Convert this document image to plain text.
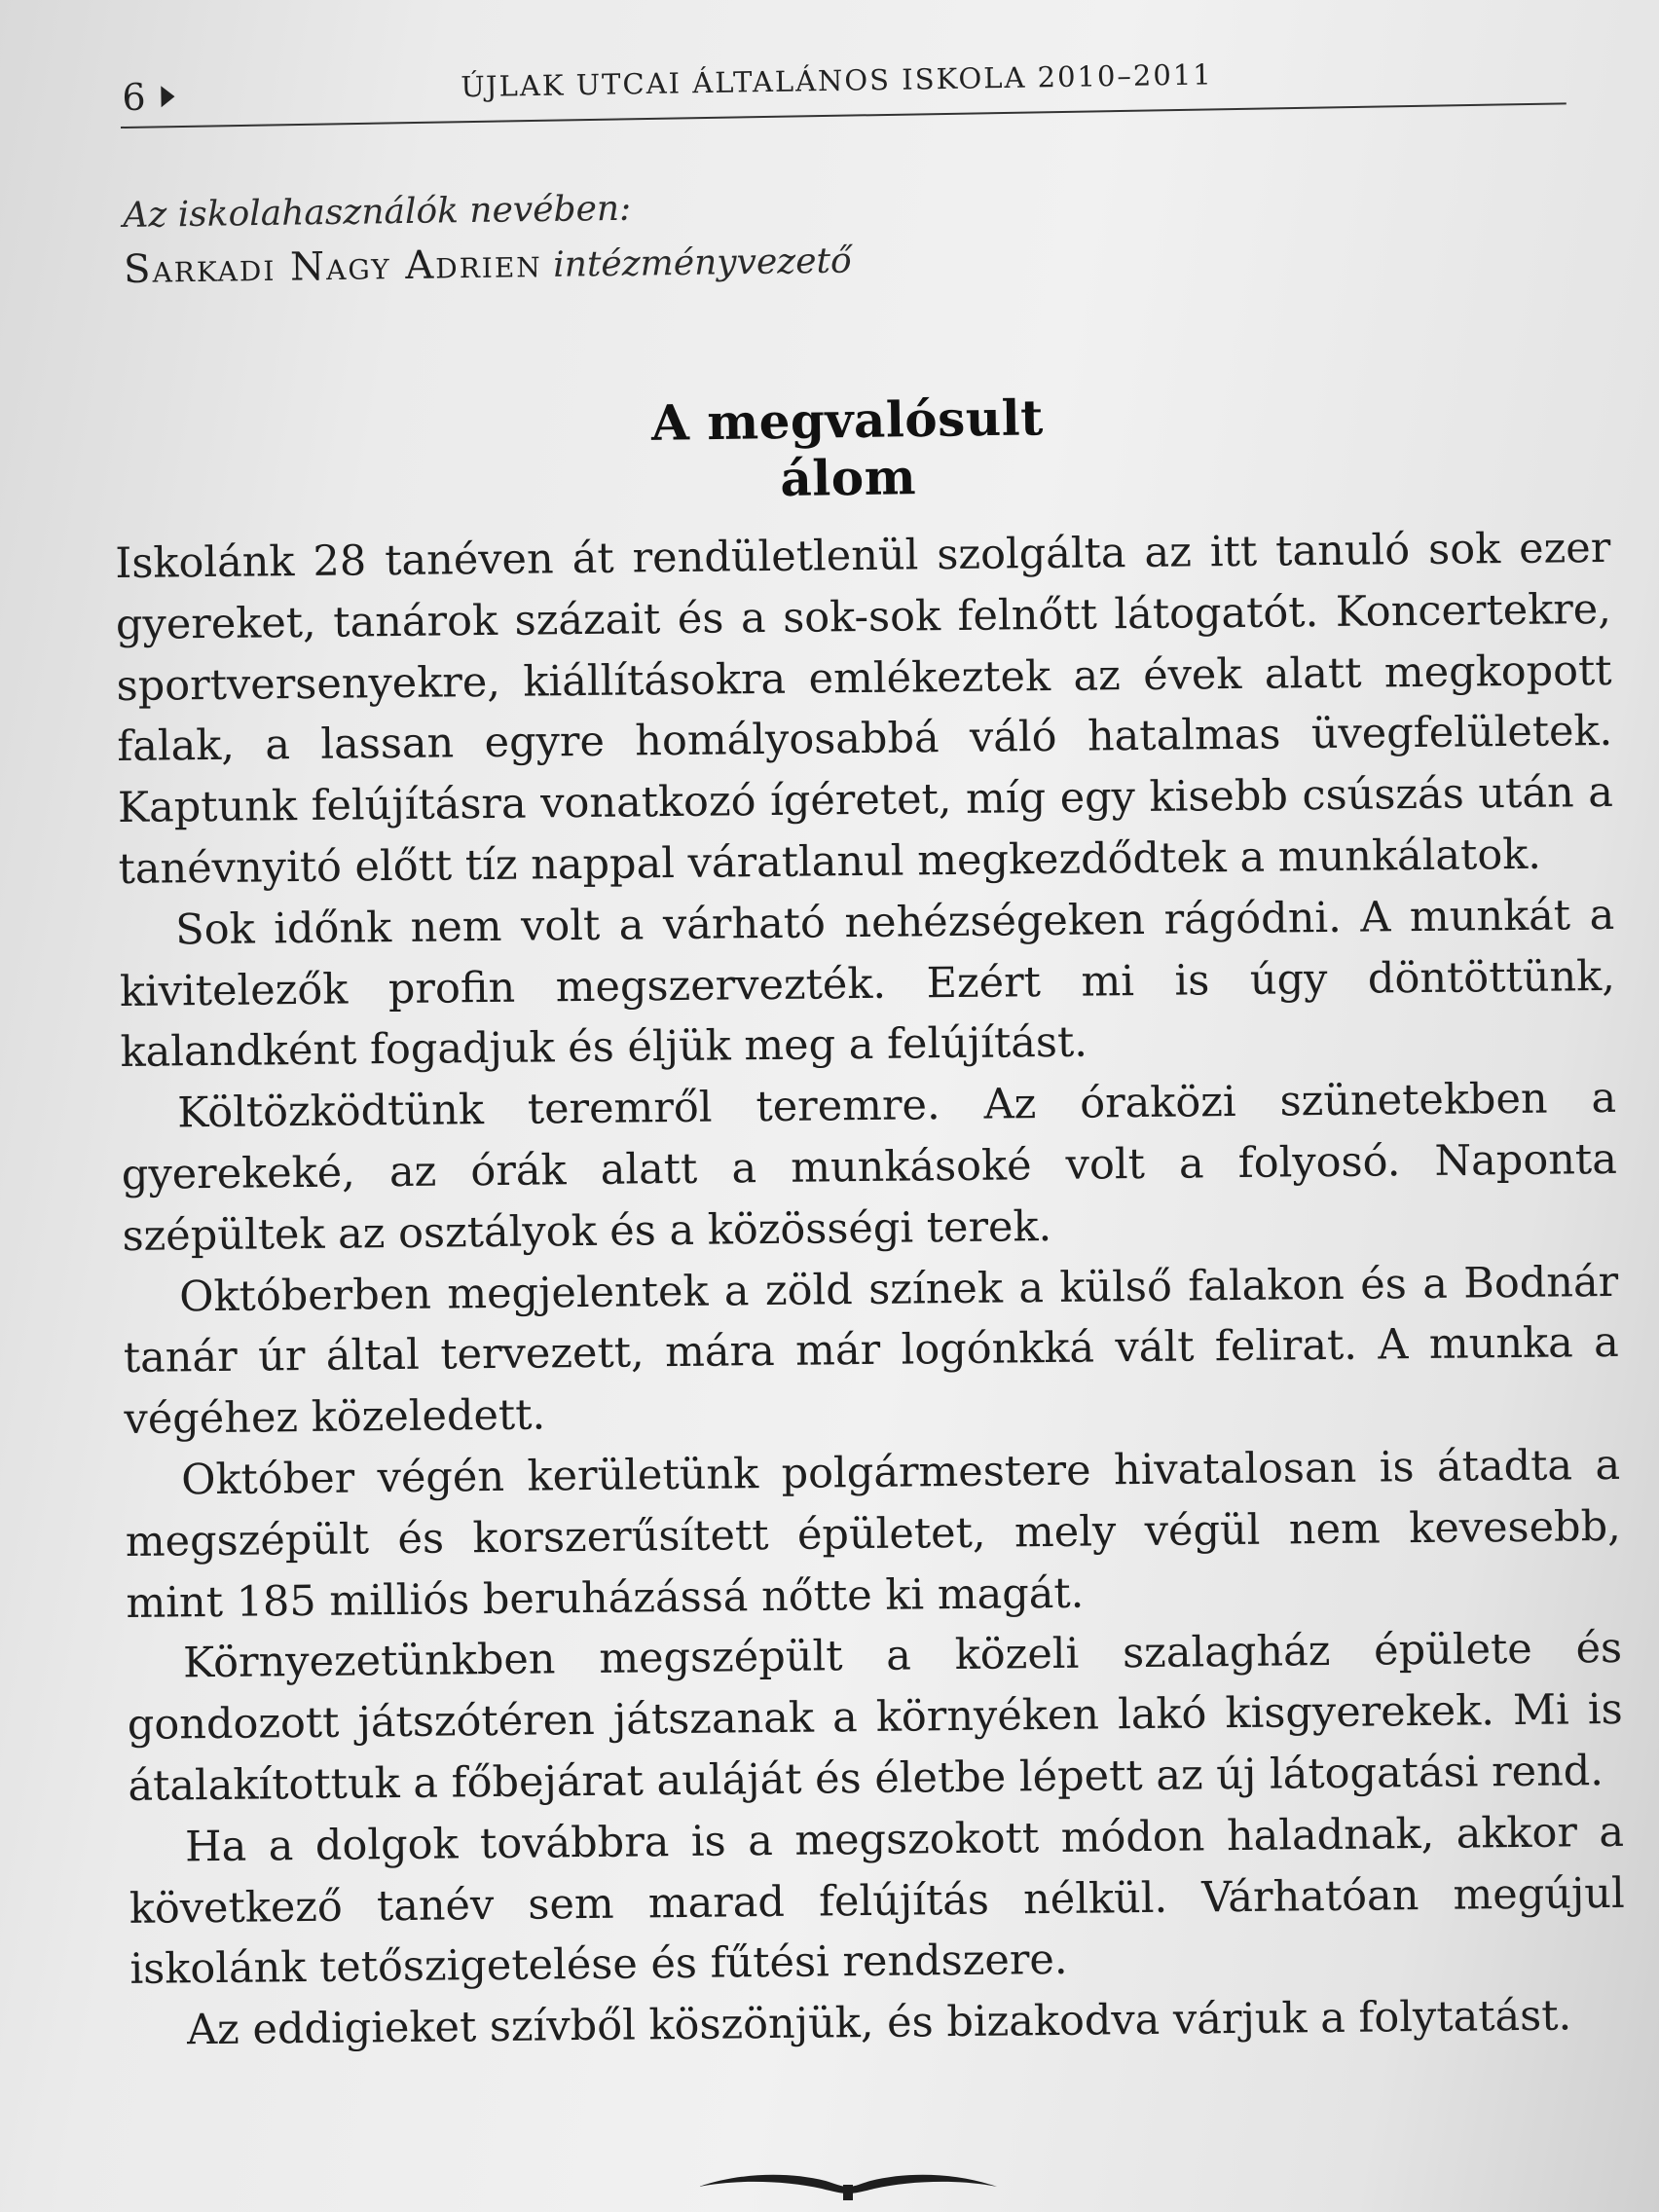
6	ÚJLAK UTCAI ÁLTALÁNOS ISKOLA 2010–2011
Az iskolahasználók nevében:
Sarkadi Nagy Adrien intézményvezető
A megvalósult álom

Iskolánk 28 tanéven át rendületlenül szolgálta az itt tanuló sok ezer gyereket, tanárok százait és a sok-sok felnőtt látogatót. Koncertekre, sportversenyekre, kiállításokra emlékeztek az évek alatt megkopott falak, a lassan egyre homályosabbá váló hatalmas üvegfelületek. Kaptunk felújításra vonatkozó ígéretet, míg egy kisebb csúszás után a tanévnyitó előtt tíz nappal váratlanul megkezdődtek a munkálatok.

Sok időnk nem volt a várható nehézségeken rágódni. A munkát a kivitelezők profin megszervezték. Ezért mi is úgy döntöttünk, kalandként fogadjuk és éljük meg a felújítást.

Költözködtünk teremről teremre. Az óraközi szünetekben a gyerekeké, az órák alatt a munkásoké volt a folyosó. Naponta szépültek az osztályok és a közösségi terek.

Októberben megjelentek a zöld színek a külső falakon és a Bodnár tanár úr által tervezett, mára már logónkká vált felirat. A munka a végéhez közeledett.

Október végén kerületünk polgármestere hivatalosan is átadta a megszépült és korszerűsített épületet, mely végül nem kevesebb, mint 185 milliós beruházássá nőtte ki magát.

Környezetünkben megszépült a közeli szalagház épülete és gondozott játszótéren játszanak a környéken lakó kisgyerekek. Mi is átalakítottuk a főbejárat auláját és életbe lépett az új látogatási rend.

Ha a dolgok továbbra is a megszokott módon haladnak, akkor a következő tanév sem marad felújítás nélkül. Várhatóan megújul iskolánk tetőszigetelése és fűtési rendszere.

Az eddigieket szívből köszönjük, és bizakodva várjuk a folytatást.
